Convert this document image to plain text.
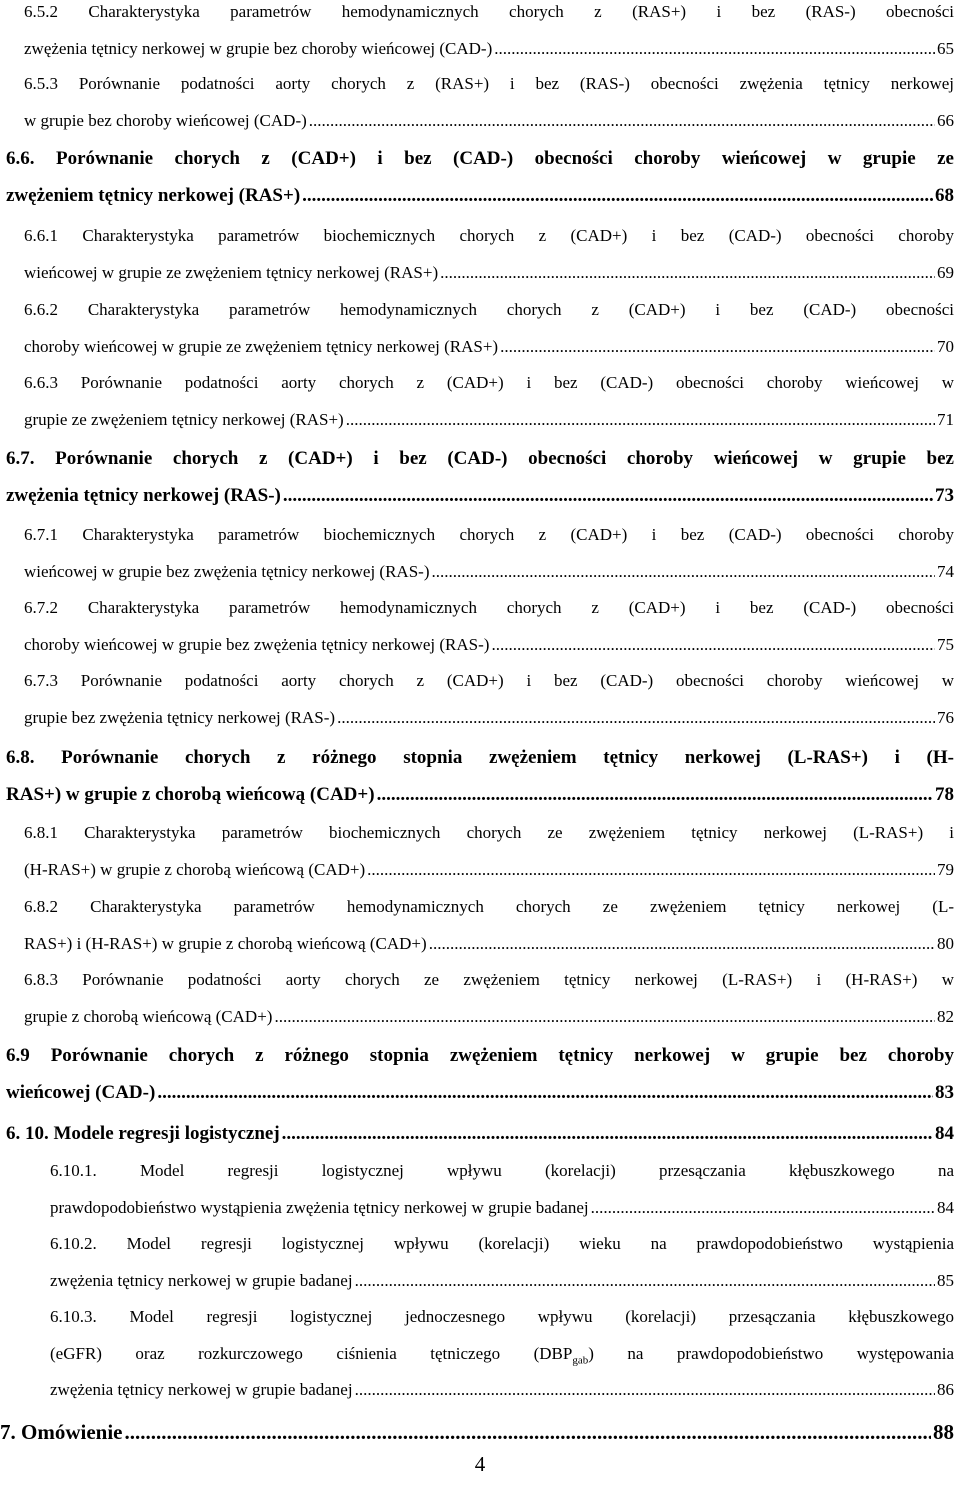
6.5.2 Charakterystyka parametrów hemodynamicznych chorych z (RAS+) i bez (RAS-) obecności
zwężenia tętnicy nerkowej w grupie bez choroby wieńcowej (CAD-) .....	65
6.5.3 Porównanie podatności aorty chorych z (RAS+) i bez (RAS-) obecności zwężenia tętnicy nerkowej
w grupie bez choroby wieńcowej (CAD-) .....	66
6.6. Porównanie chorych z (CAD+) i bez (CAD-) obecności choroby wieńcowej w grupie ze
zwężeniem tętnicy nerkowej (RAS+) .....	68
6.6.1 Charakterystyka parametrów biochemicznych chorych z (CAD+) i bez (CAD-) obecności choroby
wieńcowej w grupie ze zwężeniem tętnicy nerkowej (RAS+) .....	69
6.6.2 Charakterystyka parametrów hemodynamicznych chorych z (CAD+) i bez (CAD-) obecności
choroby wieńcowej w grupie ze zwężeniem tętnicy nerkowej (RAS+) .....	70
6.6.3 Porównanie podatności aorty chorych z (CAD+) i bez (CAD-) obecności choroby wieńcowej w
grupie ze zwężeniem tętnicy nerkowej (RAS+) .....	71
6.7. Porównanie chorych z (CAD+) i bez (CAD-) obecności choroby wieńcowej w grupie bez
zwężenia tętnicy nerkowej (RAS-) .....	73
6.7.1 Charakterystyka parametrów biochemicznych chorych z (CAD+) i bez (CAD-) obecności choroby
wieńcowej w grupie bez zwężenia tętnicy nerkowej (RAS-) .....	74
6.7.2 Charakterystyka parametrów hemodynamicznych chorych z (CAD+) i bez (CAD-) obecności
choroby wieńcowej w grupie bez zwężenia tętnicy nerkowej (RAS-) .....	75
6.7.3 Porównanie podatności aorty chorych z (CAD+) i bez (CAD-) obecności choroby wieńcowej w
grupie bez zwężenia tętnicy nerkowej (RAS-) .....	76
6.8. Porównanie chorych z różnego stopnia zwężeniem tętnicy nerkowej (L-RAS+) i (H-
RAS+) w grupie z chorobą wieńcową (CAD+) .....	78
6.8.1 Charakterystyka parametrów biochemicznych chorych ze zwężeniem tętnicy nerkowej (L-RAS+) i
(H-RAS+) w grupie z chorobą wieńcową (CAD+) .....	79
6.8.2 Charakterystyka parametrów hemodynamicznych chorych ze zwężeniem tętnicy nerkowej (L-
RAS+) i (H-RAS+) w grupie z chorobą wieńcową (CAD+) .....	80
6.8.3 Porównanie podatności aorty chorych ze zwężeniem tętnicy nerkowej (L-RAS+) i (H-RAS+) w
grupie z chorobą wieńcową (CAD+) .....	82
6.9 Porównanie chorych z różnego stopnia zwężeniem tętnicy nerkowej w grupie bez choroby
wieńcowej (CAD-) .....	83
6. 10. Modele regresji logistycznej .....	84
6.10.1. Model regresji logistycznej wpływu (korelacji) przesączania kłębuszkowego na
prawdopodobieństwo wystąpienia zwężenia tętnicy nerkowej w grupie badanej .....	84
6.10.2. Model regresji logistycznej wpływu (korelacji) wieku na prawdopodobieństwo wystąpienia
zwężenia tętnicy nerkowej w grupie badanej .....	85
6.10.3. Model regresji logistycznej jednoczesnego wpływu (korelacji) przesączania kłębuszkowego
(eGFR) oraz rozkurczowego ciśnienia tętniczego $(DBP_{gab})$ na prawdopodobieństwo występowania
zwężenia tętnicy nerkowej w grupie badanej .....	86
7. Omówienie .....	88
4
